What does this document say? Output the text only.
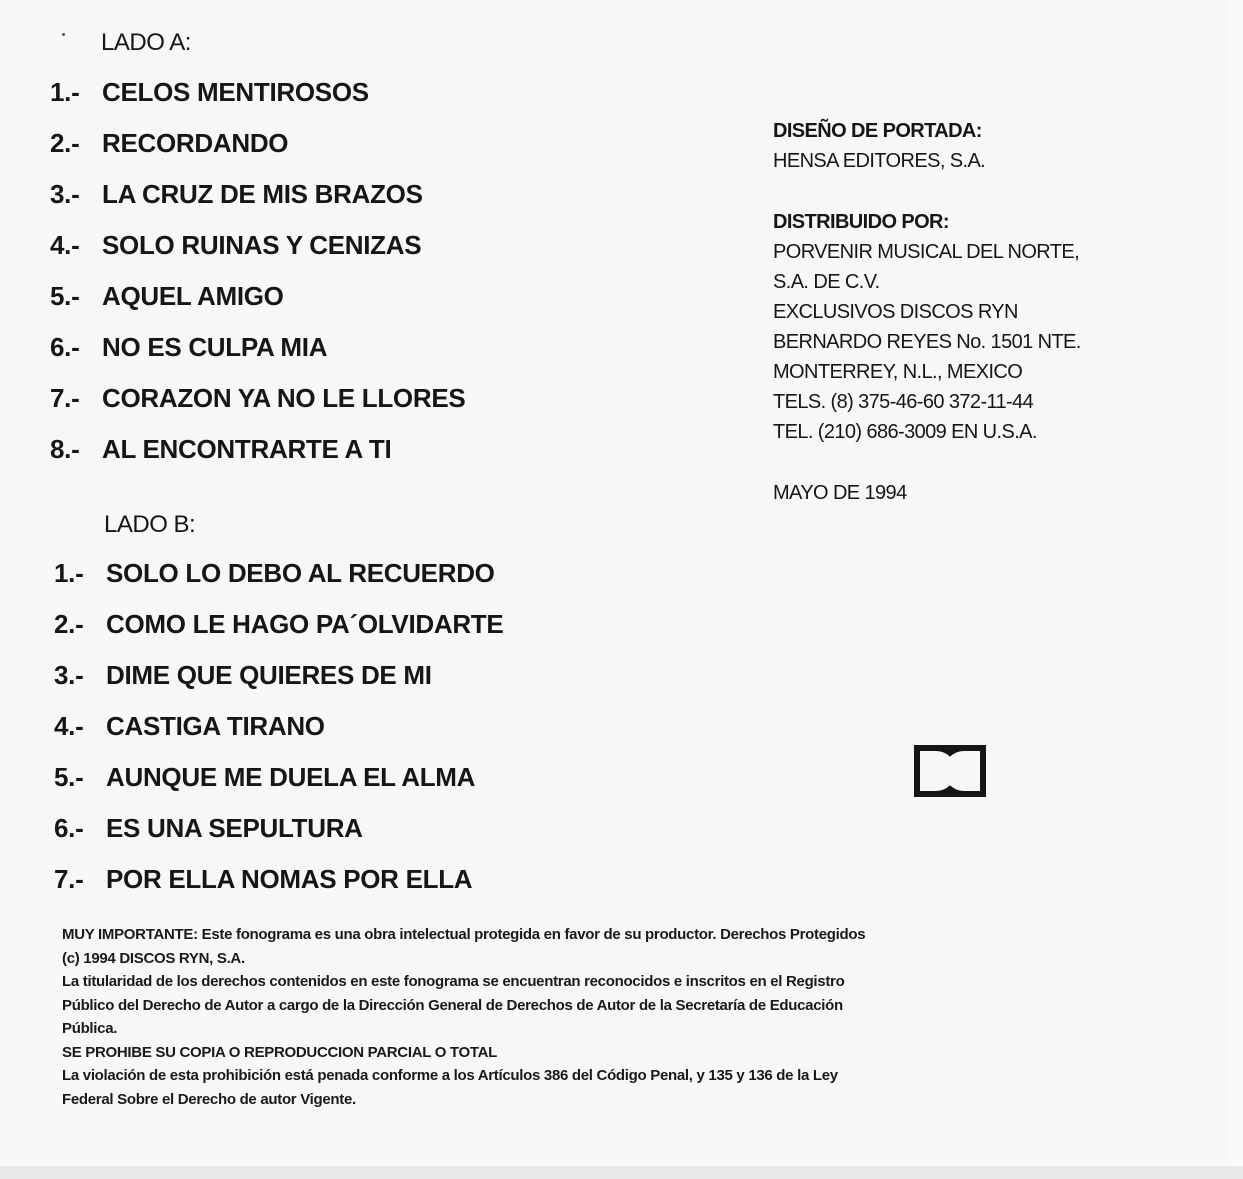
LADO A:
1.- CELOS MENTIROSOS
2.- RECORDANDO
3.- LA CRUZ DE MIS BRAZOS
4.- SOLO RUINAS Y CENIZAS
5.- AQUEL AMIGO
6.- NO ES CULPA MIA
7.- CORAZON YA NO LE LLORES
8.- AL ENCONTRARTE A TI
LADO B:
1.- SOLO LO DEBO AL RECUERDO
2.- COMO LE HAGO PA´OLVIDARTE
3.- DIME QUE QUIERES DE MI
4.- CASTIGA TIRANO
5.- AUNQUE ME DUELA EL ALMA
6.- ES UNA SEPULTURA
7.- POR ELLA NOMAS POR ELLA
DISEÑO DE PORTADA:
HENSA EDITORES, S.A.
DISTRIBUIDO POR:
PORVENIR MUSICAL DEL NORTE,
S.A. DE C.V.
EXCLUSIVOS DISCOS RYN
BERNARDO REYES No. 1501 NTE.
MONTERREY, N.L., MEXICO
TELS. (8) 375-46-60 372-11-44
TEL. (210) 686-3009 EN U.S.A.
MAYO DE 1994
MUY IMPORTANTE: Este fonograma es una obra intelectual protegida en favor de su productor. Derechos Protegidos
(c) 1994 DISCOS RYN, S.A.
La titularidad de los derechos contenidos en este fonograma se encuentran reconocidos e inscritos en el Registro
Público del Derecho de Autor a cargo de la Dirección General de Derechos de Autor de la Secretaría de Educación
Pública.
SE PROHIBE SU COPIA O REPRODUCCION PARCIAL O TOTAL
La violación de esta prohibición está penada conforme a los Artículos 386 del Código Penal, y 135 y 136 de la Ley
Federal Sobre el Derecho de autor Vigente.
